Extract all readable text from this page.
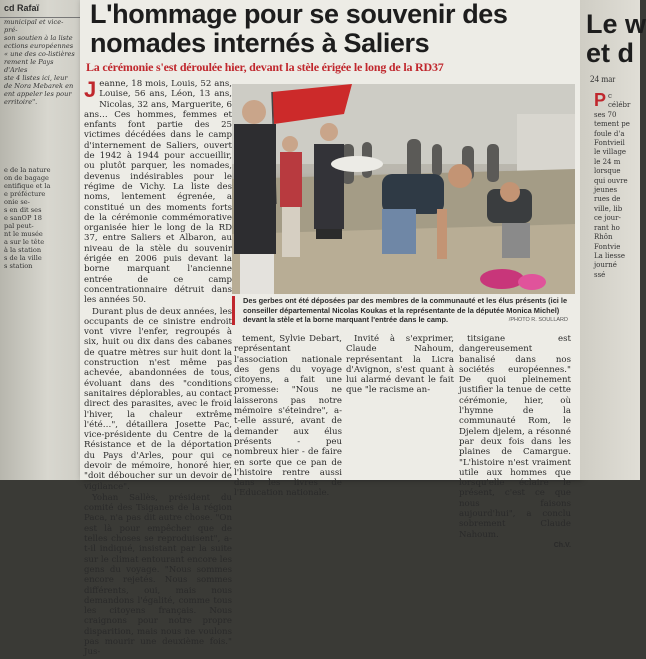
cd Rafaï

municipal et vice-pré-

son soutien à la liste

ections européennes

« une des co-listières

rement le Pays d'Arles

ste 4 listes ici, leur

de Nora Mebarek en

ent appeler les pour

erritoire".

e de la nature

on de bagage

entifique et la

e préfécture

onie se-

s en dit ses

e sanOP 18

pal peut-

nt le musée

a sur le tête

à la station

s de la ville

s station

L'hommage pour se souvenir des nomades internés à Saliers
La cérémonie s'est déroulée hier, devant la stèle érigée le long de la RD37

Jeanne, 18 mois, Louis, 52 ans, Louise, 56 ans, Léon, 13 ans, Nicolas, 32 ans, Marguerite, 6 ans… Ces hommes, femmes et enfants font partie des 25 victimes décédées dans le camp d'internement de Saliers, ouvert de 1942 à 1944 pour accueillir, ou plutôt parquer, les nomades, devenus indésirables pour le régime de Vichy. La liste des noms, lentement égrenée, a constitué un des moments forts de la cérémonie commémorative organisée hier le long de la RD 37, entre Saliers et Albaron, au niveau de la stèle du souvenir érigée en 2006 puis devant la borne marquant l'ancienne entrée de ce camp concentrationnaire détruit dans les années 50.

Durant plus de deux années, les occupants de ce sinistre endroit vont vivre l'enfer, regroupés à six, huit ou dix dans des cabanes de quatre mètres sur huit dont la construction n'est même pas achevée, abandonnées de tous, évoluant dans des "conditions sanitaires déplorables, au contact direct des parasites, avec le froid l'hiver, la chaleur extrême l'été…", détaillera Josette Pac, vice-présidente du Centre de la Résistance et de la déportation du Pays d'Arles, pour qui ce devoir de mémoire, honoré hier, "doit déboucher sur un devoir de vigilance".

Yohan Sallès, président du comité des Tsiganes de la région Paca, n'a pas dit autre chose. "On est là pour empêcher que de telles choses se reproduisent", a-t-il indiqué, insistant par la suite sur le climat entourant encore les gens du voyage. "Nous sommes encore rejetés. Nous sommes différents, oui, mais nous demandons l'égalité, comme tous les citoyens français. Nous craignons pour notre propre disparition, mais nous ne voulons pas mourir une deuxième fois." Jus-

Des gerbes ont été déposées par des membres de la communauté et les élus présents (ici le conseiller départemental Nicolas Koukas et la représentante de la députée Monica Michel) devant la stèle et la borne marquant l'entrée dans le camp.	/PHOTO R. SOULLARD

tement, Sylvie Debart, représentant l'association nationale des gens du voyage citoyens, a fait une promesse: "Nous ne laisserons pas notre mémoire s'éteindre", a-t-elle assuré, avant de demander aux élus présents - peu nombreux hier - de faire en sorte que ce pan de l'histoire rentre aussi dans les livres de l'Education nationale.

Invité à s'exprimer, Claude Nahoum, représentant la Licra d'Avignon, s'est quant à lui alarmé devant le fait que "le racisme an-

titsigane est dangereusement banalisé dans nos sociétés européennes." De quoi pleinement justifier la tenue de cette cérémonie, hier, où l'hymne de la communauté Rom, le Djelem djelem, a résonné par deux fois dans les plaines de Camargue. "L'histoire n'est vraiment utile aux hommes que lorsqu'elle éclaire le présent, c'est ce que nous faisons aujourd'hui", a conclu sobrement Claude Nahoum.

Ch.V.

Le w
et d
24 mar
P c

célébr

ses 70

tement pe

foule d'a

Fontvieil

le village

le 24 m

lorsque

qui ouvre

jeunes

rues de

ville, lib

ce jour-

rant ho

Rhôn

Fontvie

La liesse

journé

ssé
